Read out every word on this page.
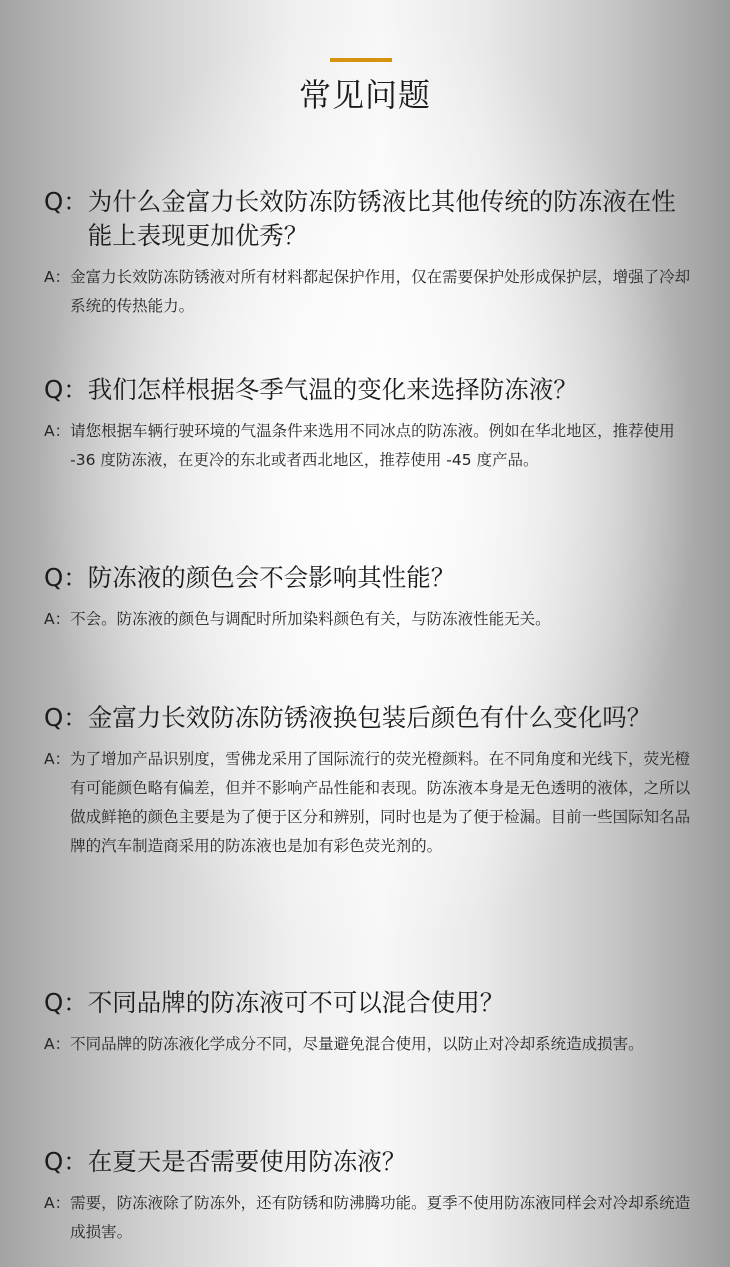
常见问题
Q： 为什么金富力长效防冻防锈液比其他传统的防冻液在性能上表现更加优秀？
A： 金富力长效防冻防锈液对所有材料都起保护作用，仅在需要保护处形成保护层，增强了冷却系统的传热能力。
Q： 我们怎样根据冬季气温的变化来选择防冻液？
A： 请您根据车辆行驶环境的气温条件来选用不同冰点的防冻液。例如在华北地区，推荐使用 -36 度防冻液，在更冷的东北或者西北地区，推荐使用 -45 度产品。
Q： 防冻液的颜色会不会影响其性能？
A： 不会。防冻液的颜色与调配时所加染料颜色有关，与防冻液性能无关。
Q： 金富力长效防冻防锈液换包装后颜色有什么变化吗？
A： 为了增加产品识别度，雪佛龙采用了国际流行的荧光橙颜料。在不同角度和光线下，荧光橙有可能颜色略有偏差，但并不影响产品性能和表现。防冻液本身是无色透明的液体，之所以做成鲜艳的颜色主要是为了便于区分和辨别，同时也是为了便于检漏。目前一些国际知名品牌的汽车制造商采用的防冻液也是加有彩色荧光剂的。
Q： 不同品牌的防冻液可不可以混合使用？
A： 不同品牌的防冻液化学成分不同，尽量避免混合使用，以防止对冷却系统造成损害。
Q： 在夏天是否需要使用防冻液？
A： 需要，防冻液除了防冻外，还有防锈和防沸腾功能。夏季不使用防冻液同样会对冷却系统造成损害。
